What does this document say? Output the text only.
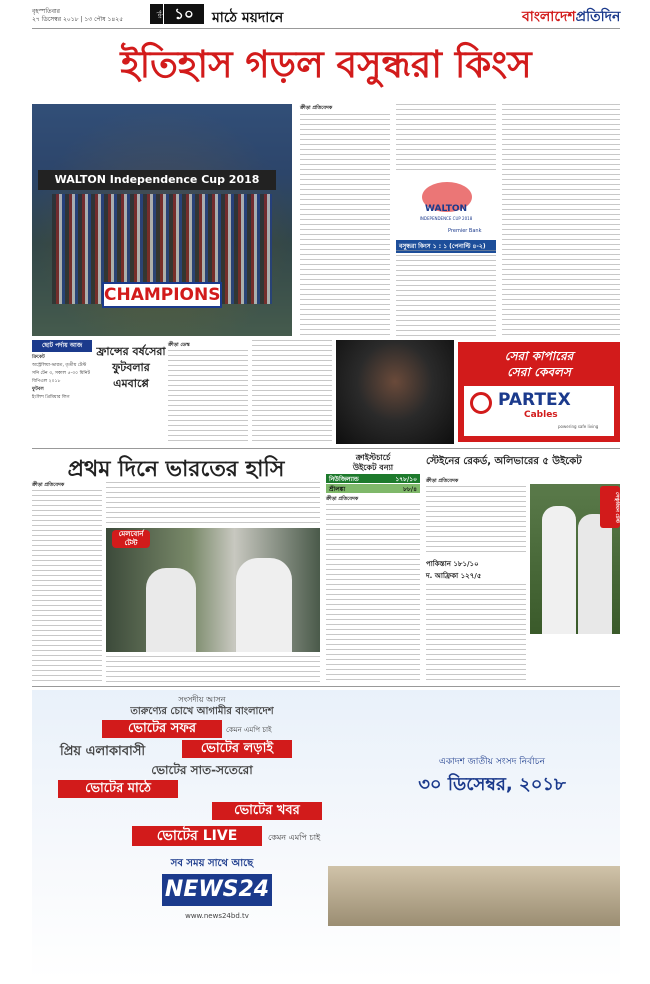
বৃহস্পতিবার
২৭ ডিসেম্বর ২০১৮ | ১৩ পৌষ ১৪২৫
পৃষ্ঠা ১০	মাঠে ময়দানে	বাংলাদেশপ্রতিদিন
ইতিহাস গড়ল বসুন্ধরা কিংস
WALTON Independence Cup 2018
CHAMPIONS
ক্রীড়া প্রতিবেদক
WALTON
INDEPENDENCE CUP 2018
Premier Bank
বসুন্ধরা কিংস ১ : ১ (পেনাল্টি ৪-২)
ছোট পর্দায় আজ
ক্রিকেট
অস্ট্রেলিয়া-ভারত, তৃতীয় টেস্ট
সনি টেন ৩, সকাল ৫-৩০ মিনিট
বিপিএল ২০১৮
ফুটবল
ইংলিশ প্রিমিয়ার লিগ
ফ্রান্সের বর্ষসেরা ফুটবলার এমবাপ্পে
ক্রীড়া ডেস্ক
সেরা কাপারের
সেরা কেবলস
PARTEX
Cables
powering safe living
প্রথম দিনে ভারতের হাসি
ক্রীড়া প্রতিবেদক
মেলবোর্ন টেস্ট
ক্রাইস্টচার্চে
উইকেট বন্যা
নিউজিল্যান্ড	১৭৮/১০
শ্রীলঙ্কা	৮৮/৪
ক্রীড়া প্রতিবেদক
স্টেইনের রেকর্ড, অলিভারের ৫ উইকেট
ক্রীড়া প্রতিবেদক
পাকিস্তান ১৮১/১০
দ. আফ্রিকা ১২৭/৫
সেঞ্চুরিয়ন টেস্ট
সংসদীয় আসন
তারুণ্যের চোখে আগামীর বাংলাদেশ
ভোটের সফর	কেমন এমপি চাই
প্রিয় এলাকাবাসী	ভোটের লড়াই
ভোটের সাত-সতেরো
ভোটের মাঠে
ভোটের খবর
ভোটের LIVE	কেমন এমপি চাই
একাদশ জাতীয় সংসদ নির্বাচন
৩০ ডিসেম্বর, ২০১৮
সব সময় সাথে আছে
NEWS24
www.news24bd.tv
